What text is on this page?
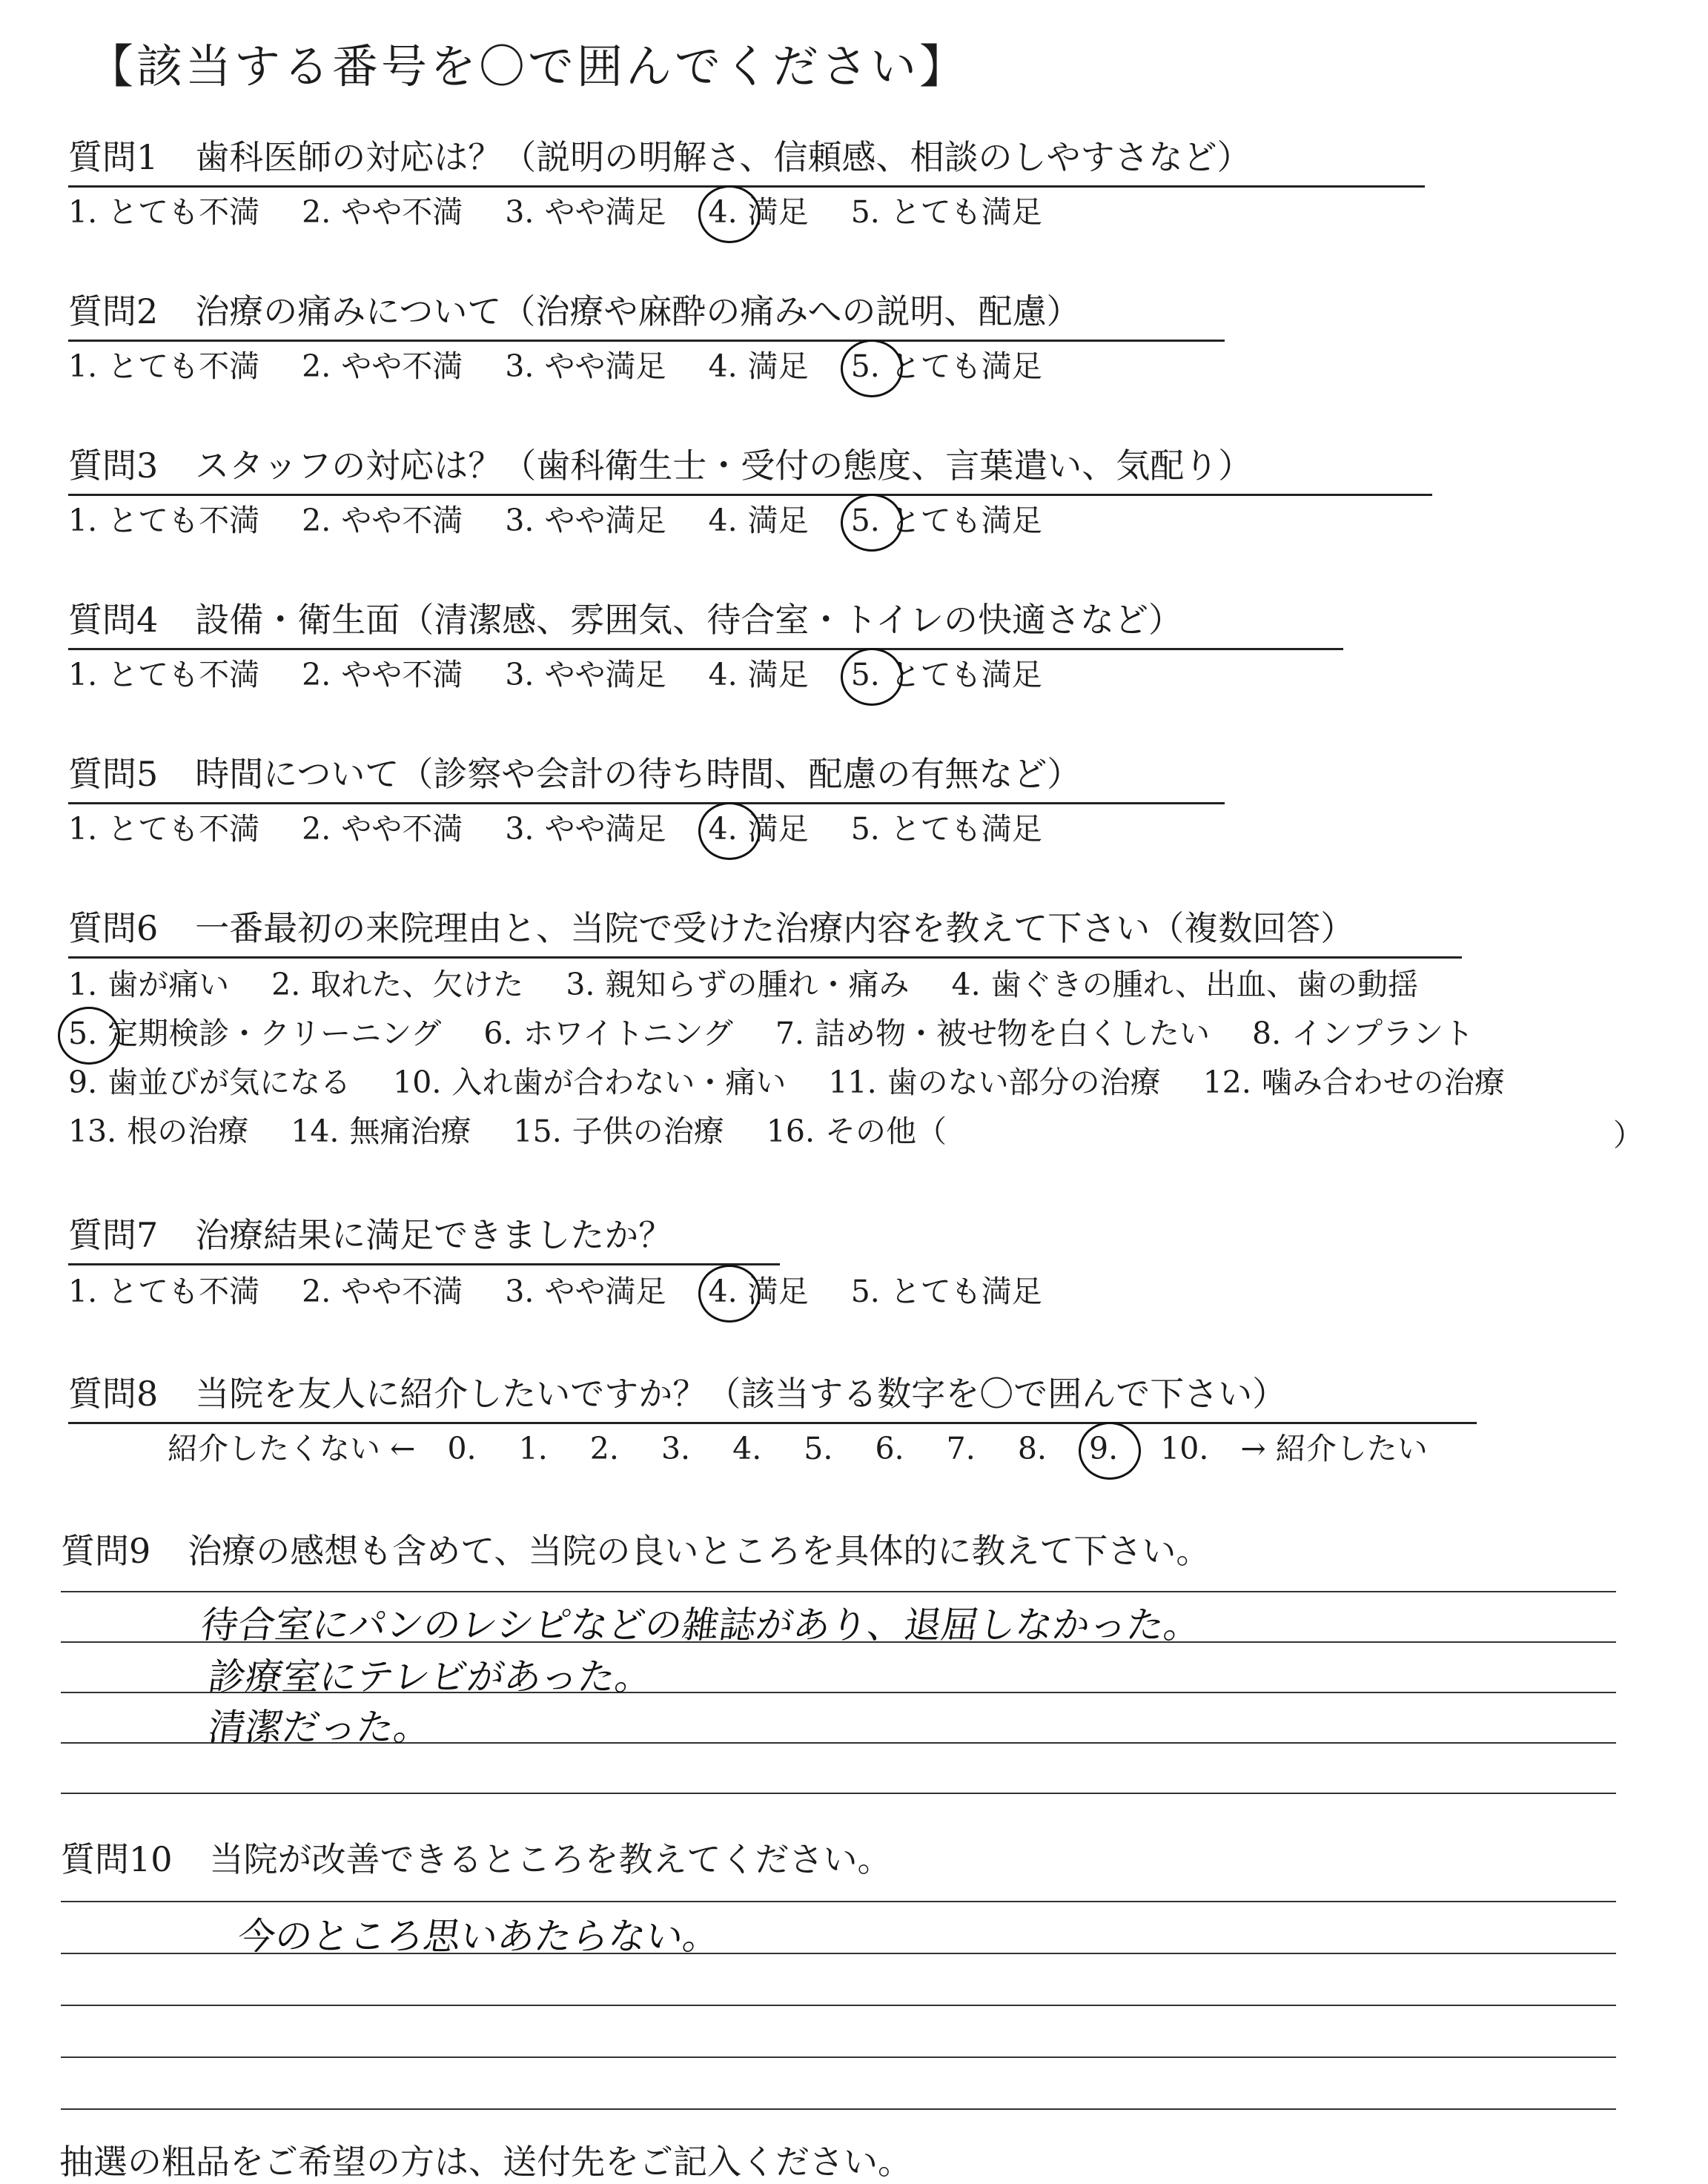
【該当する番号を〇で囲んでください】
質問1 歯科医師の対応は？（説明の明解さ、信頼感、相談のしやすさなど）
1. とても不満 2. やや不満 3. やや満足 4. 満足 5. とても満足
質問2 治療の痛みについて（治療や麻酔の痛みへの説明、配慮）
1. とても不満 2. やや不満 3. やや満足 4. 満足 5. とても満足
質問3 スタッフの対応は？（歯科衛生士・受付の態度、言葉遣い、気配り）
1. とても不満 2. やや不満 3. やや満足 4. 満足 5. とても満足
質問4 設備・衛生面（清潔感、雰囲気、待合室・トイレの快適さなど）
1. とても不満 2. やや不満 3. やや満足 4. 満足 5. とても満足
質問5 時間について（診察や会計の待ち時間、配慮の有無など）
1. とても不満 2. やや不満 3. やや満足 4. 満足 5. とても満足
質問6 一番最初の来院理由と、当院で受けた治療内容を教えて下さい（複数回答）
1. 歯が痛い 2. 取れた、欠けた 3. 親知らずの腫れ・痛み 4. 歯ぐきの腫れ、出血、歯の動揺
5. 定期検診・クリーニング 6. ホワイトニング 7. 詰め物・被せ物を白くしたい 8. インプラント
9. 歯並びが気になる 10. 入れ歯が合わない・痛い 11. 歯のない部分の治療 12. 噛み合わせの治療
13. 根の治療 14. 無痛治療 15. 子供の治療 16. その他（	）
質問7 治療結果に満足できましたか？
1. とても不満 2. やや不満 3. やや満足 4. 満足 5. とても満足
質問8 当院を友人に紹介したいですか？（該当する数字を〇で囲んで下さい）
紹介したくない ← 0. 1. 2. 3. 4. 5. 6. 7. 8. 9. 10. → 紹介したい
質問9 治療の感想も含めて、当院の良いところを具体的に教えて下さい。
待合室にパンのレシピなどの雑誌があり、退屈しなかった。
診療室にテレビがあった。
清潔だった。
質問10 当院が改善できるところを教えてください。
今のところ思いあたらない。
抽選の粗品をご希望の方は、送付先をご記入ください。
